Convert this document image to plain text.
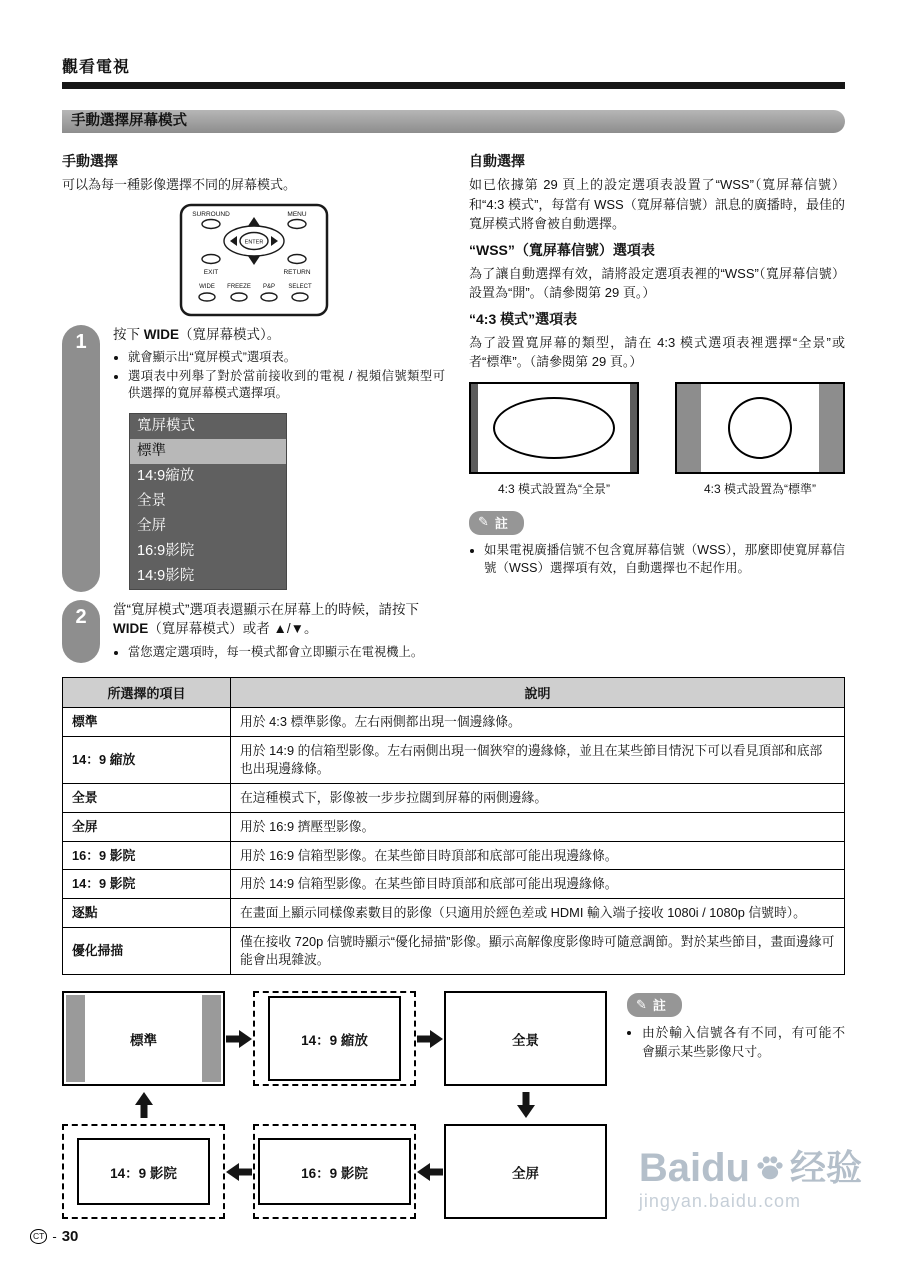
觀看電視
手動選擇屏幕模式
手動選擇

可以為每一種影像選擇不同的屏幕模式。

SURROUND	MENU
ENTER
EXIT	RETURN
WIDE FREEZE P&P SELECT
1	按下 WIDE（寬屏幕模式）。
• 就會顯示出“寬屏模式”選項表。
• 選項表中列舉了對於當前接收到的電視 / 視頻信號類型可供選擇的寬屏幕模式選擇項。
寬屏模式
標準
14:9縮放
全景
全屏
16:9影院
14:9影院
2	當“寬屏模式”選項表還顯示在屏幕上的時候，請按下 WIDE（寬屏幕模式）或者 ▲/▼。
• 當您選定選項時，每一模式都會立即顯示在電視機上。
自動選擇

如已依據第 29 頁上的設定選項表設置了“WSS”（寬屏幕信號）和“4:3 模式”，每當有 WSS（寬屏幕信號）訊息的廣播時，最佳的寬屏模式將會被自動選擇。

“WSS”（寬屏幕信號）選項表

為了讓自動選擇有效，請將設定選項表裡的“WSS”（寬屏幕信號）設置為“開”。（請參閱第 29 頁。）

“4:3 模式”選項表

為了設置寬屏幕的類型，請在 4:3 模式選項表裡選擇“全景”或者“標準”。（請參閱第 29 頁。）

4:3 模式設置為“全景”	4:3 模式設置為“標準”
✎ 註
• 如果電視廣播信號不包含寬屏幕信號（WSS），那麼即使寬屏幕信號（WSS）選擇項有效，自動選擇也不起作用。
所選擇的項目	說明
標準	用於 4:3 標準影像。左右兩側都出現一個邊緣條。
14：9 縮放	用於 14:9 的信箱型影像。左右兩側出現一個狹窄的邊緣條，並且在某些節目情況下可以看見頂部和底部也出現邊緣條。
全景	在這種模式下，影像被一步步拉闊到屏幕的兩側邊緣。
全屏	用於 16:9 擠壓型影像。
16：9 影院	用於 16:9 信箱型影像。在某些節目時頂部和底部可能出現邊緣條。
14：9 影院	用於 14:9 信箱型影像。在某些節目時頂部和底部可能出現邊緣條。
逐點	在畫面上顯示同樣像素數目的影像（只適用於經色差或 HDMI 輸入端子接收 1080i / 1080p 信號時）。
優化掃描	僅在接收 720p 信號時顯示“優化掃描”影像。顯示高解像度影像時可隨意調節。對於某些節目，畫面邊緣可能會出現雜波。
標準	14：9 縮放	全景
14：9 影院	16：9 影院	全屏
✎ 註
• 由於輸入信號各有不同，有可能不會顯示某些影像尺寸。
CT - 30
Baidu 经验
jingyan.baidu.com
